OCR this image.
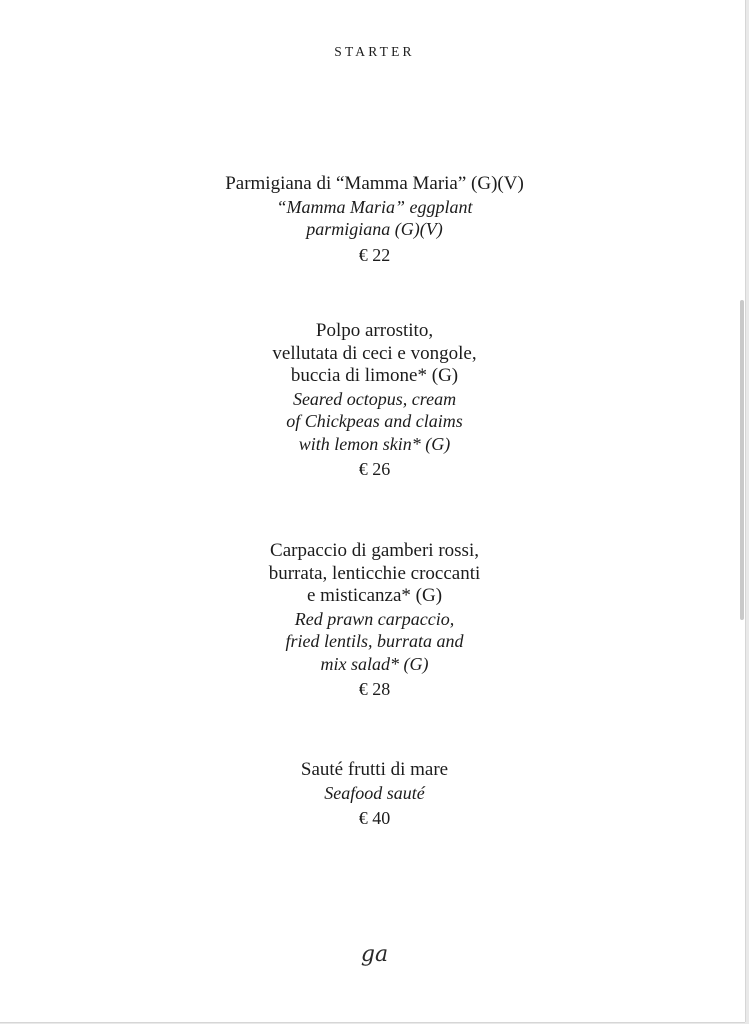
STARTER
Parmigiana di “Mamma Maria” (G)(V)
“Mamma Maria” eggplant
parmigiana (G)(V)
€ 22
Polpo arrostito,
vellutata di ceci e vongole,
buccia di limone* (G)
Seared octopus, cream
of Chickpeas and claims
with lemon skin* (G)
€ 26
Carpaccio di gamberi rossi,
burrata, lenticchie croccanti
e misticanza* (G)
Red prawn carpaccio,
fried lentils, burrata and
mix salad* (G)
€ 28
Sauté frutti di mare
Seafood sauté
€ 40
ga
